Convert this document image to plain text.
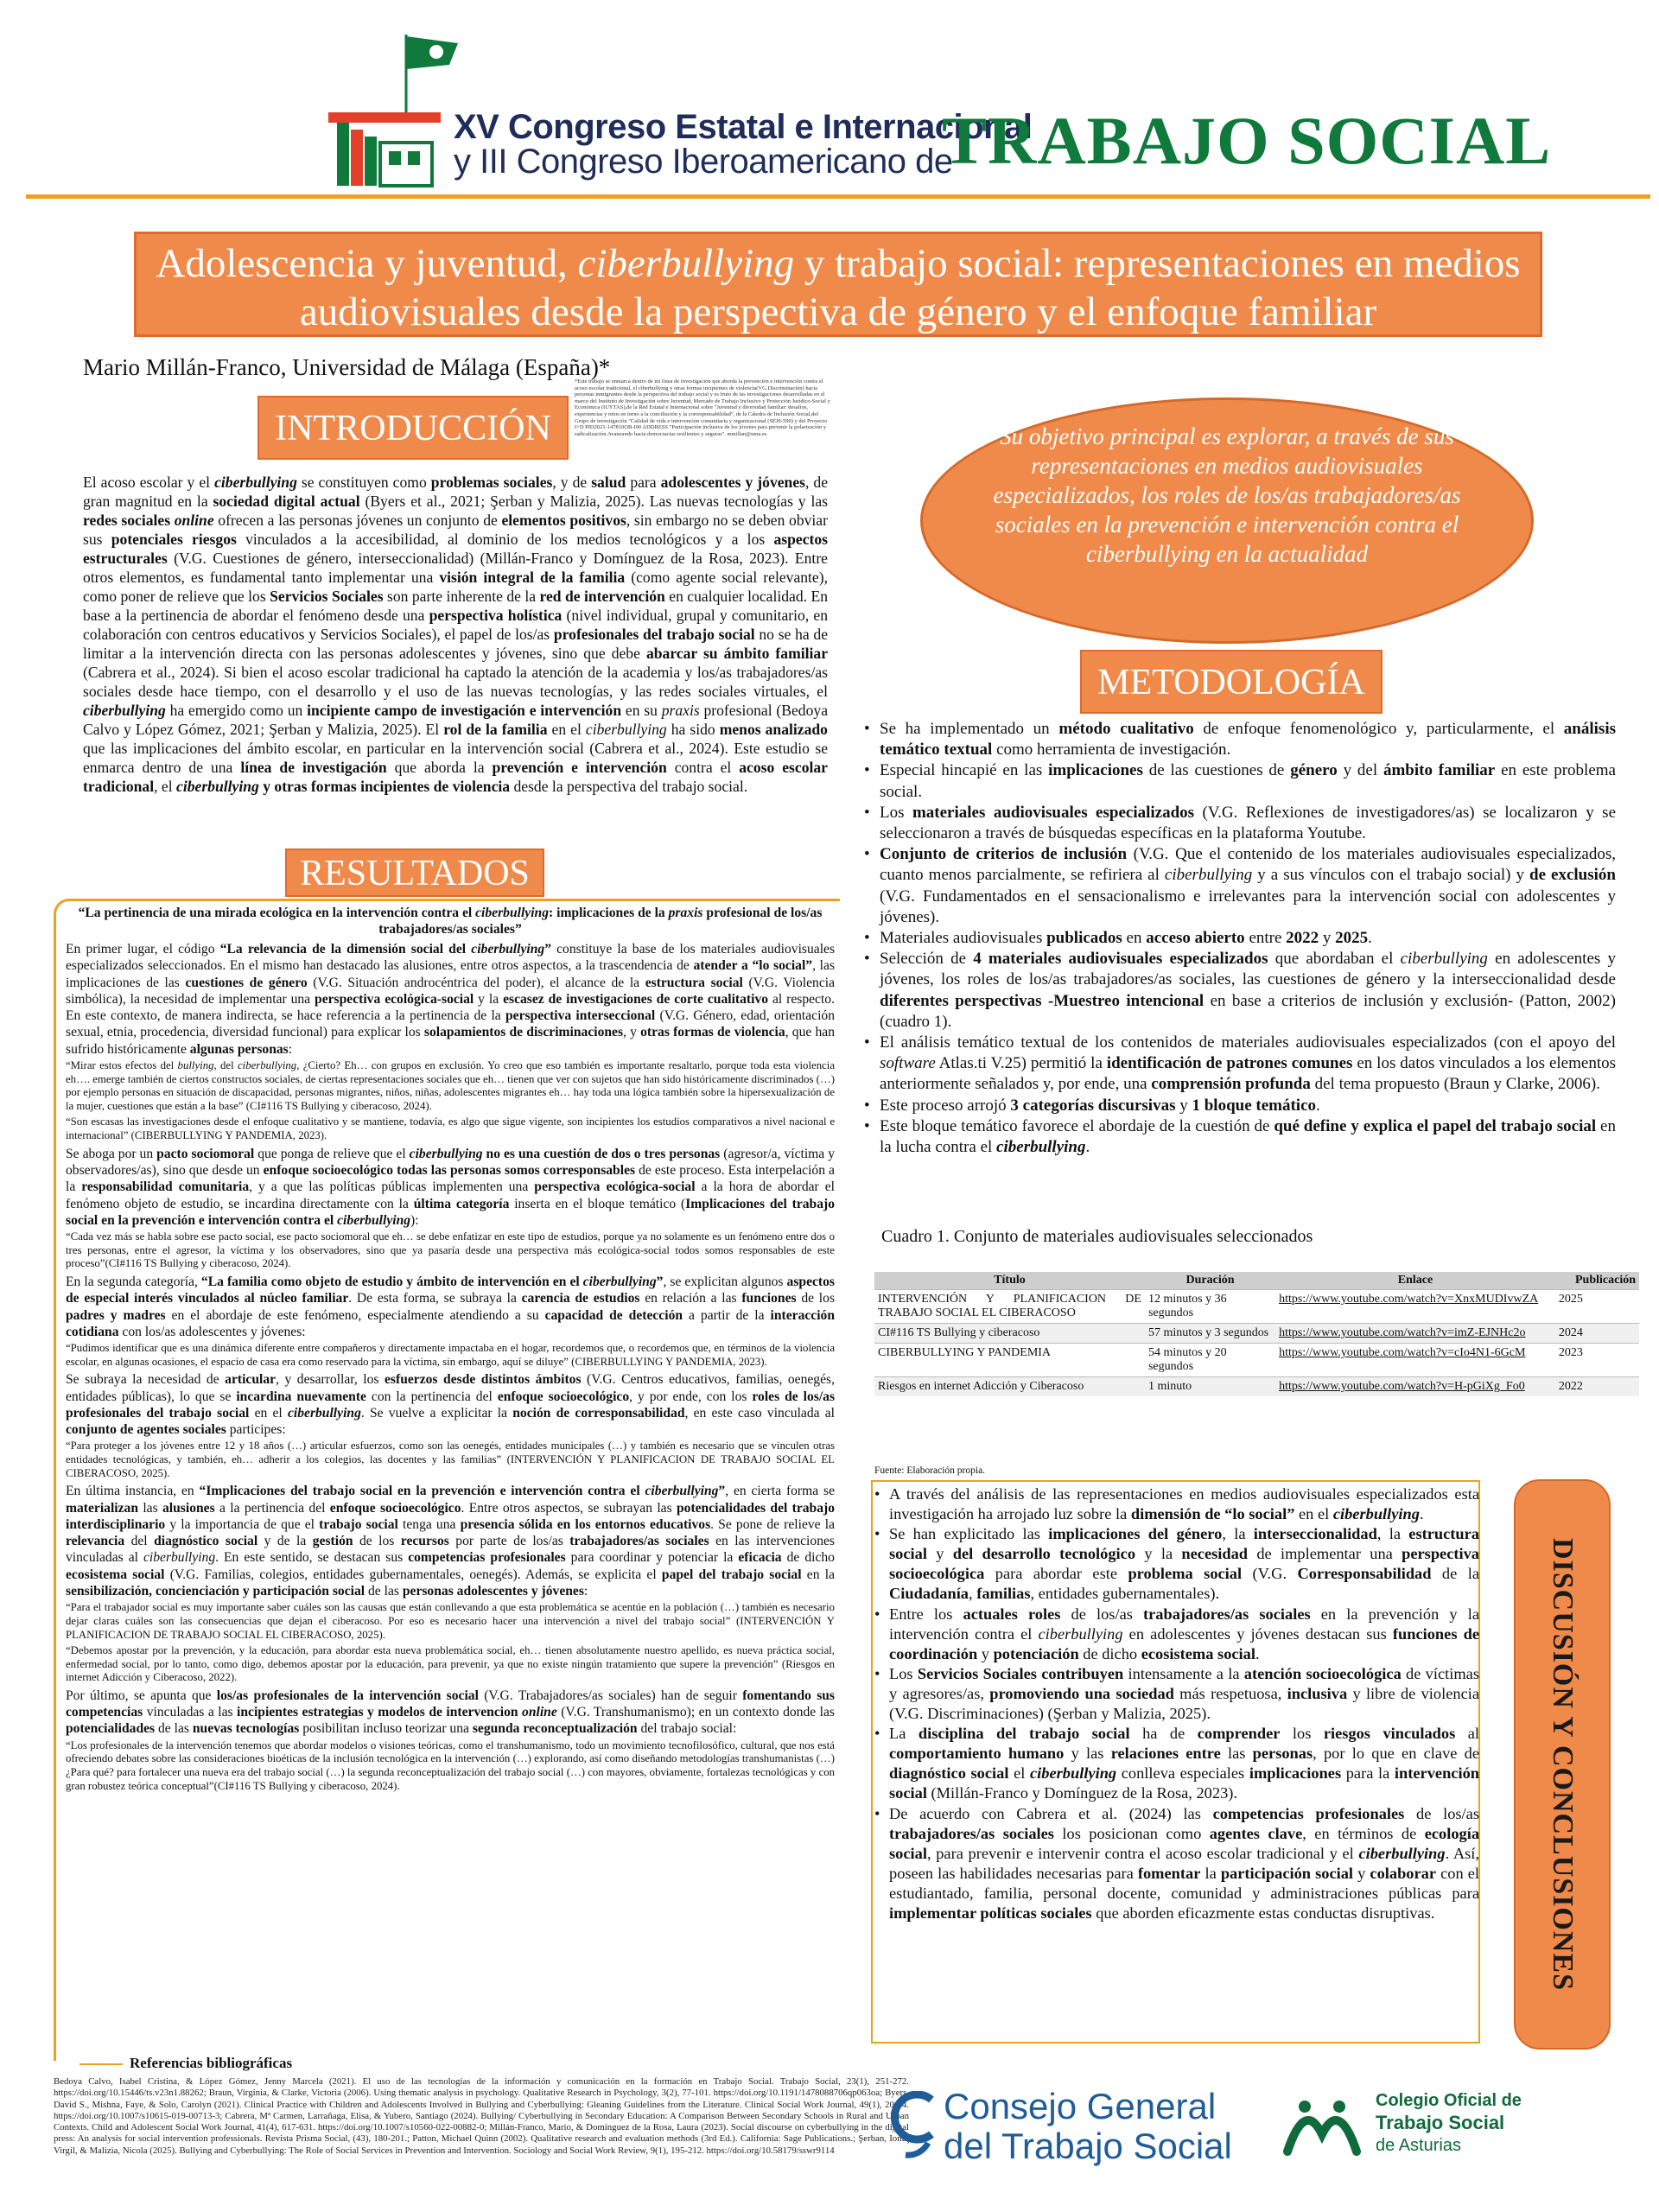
XV Congreso Estatal e Internacional
y III Congreso Iberoamericano de
TRABAJO SOCIAL
Adolescencia y juventud, ciberbullying y trabajo social: representaciones en medios audiovisuales desde la perspectiva de género y el enfoque familiar
Mario Millán-Franco, Universidad de Málaga (España)*
*Este trabajo se enmarca dentro de mi línea de investigación que aborda la prevención e intervención contra el acoso escolar tradicional, el ciberbullying y otras formas incipientes de violencia(VG.Discriminación) hacia personas inmigrantes desde la perspectiva del trabajo social y es fruto de las investigaciones desarrolladas en el marco del Instituto de Investigación sobre Juventud, Mercado de Trabajo Inclusivo y Protección Jurídico-Social y Económica (IUYTAS),de la Red Estatal e Internacional sobre "Juventud y diversidad familiar: desafíos, experiencias y retos en torno a la conciliación y la corresponsabilidad", de la Cátedra de Inclusión Social,del Grupo de investigación "Calidad de vida e intervención comunitaria y organizacional (SEJ0-590) y del Proyecto I+D PID2021-147810OB-I00 ADDRESS "Participación inclusiva de los jóvenes para prevenir la polarización y radicalización.Avanzando hacia democracias resilientes y seguras". mmillan@uma.es
INTRODUCCIÓN
El acoso escolar y el ciberbullying se constituyen como problemas sociales, y de salud para adolescentes y jóvenes, de gran magnitud en la sociedad digital actual (Byers et al., 2021; Şerban y Malizia, 2025). Las nuevas tecnologías y las redes sociales online ofrecen a las personas jóvenes un conjunto de elementos positivos, sin embargo no se deben obviar sus potenciales riesgos vinculados a la accesibilidad, al dominio de los medios tecnológicos y a los aspectos estructurales (V.G. Cuestiones de género, interseccionalidad) (Millán-Franco y Domínguez de la Rosa, 2023). Entre otros elementos, es fundamental tanto implementar una visión integral de la familia (como agente social relevante), como poner de relieve que los Servicios Sociales son parte inherente de la red de intervención en cualquier localidad. En base a la pertinencia de abordar el fenómeno desde una perspectiva holística (nivel individual, grupal y comunitario, en colaboración con centros educativos y Servicios Sociales), el papel de los/as profesionales del trabajo social no se ha de limitar a la intervención directa con las personas adolescentes y jóvenes, sino que debe abarcar su ámbito familiar (Cabrera et al., 2024). Si bien el acoso escolar tradicional ha captado la atención de la academia y los/as trabajadores/as sociales desde hace tiempo, con el desarrollo y el uso de las nuevas tecnologías, y las redes sociales virtuales, el ciberbullying ha emergido como un incipiente campo de investigación e intervención en su praxis profesional (Bedoya Calvo y López Gómez, 2021; Şerban y Malizia, 2025). El rol de la familia en el ciberbullying ha sido menos analizado que las implicaciones del ámbito escolar, en particular en la intervención social (Cabrera et al., 2024). Este estudio se enmarca dentro de una línea de investigación que aborda la prevención e intervención contra el acoso escolar tradicional, el ciberbullying y otras formas incipientes de violencia desde la perspectiva del trabajo social.
Su objetivo principal es explorar, a través de sus representaciones en medios audiovisuales especializados, los roles de los/as trabajadores/as sociales en la prevención e intervención contra el ciberbullying en la actualidad
METODOLOGÍA
• Se ha implementado un método cualitativo de enfoque fenomenológico y, particularmente, el análisis temático textual como herramienta de investigación.
• Especial hincapié en las implicaciones de las cuestiones de género y del ámbito familiar en este problema social.
• Los materiales audiovisuales especializados (V.G. Reflexiones de investigadores/as) se localizaron y se seleccionaron a través de búsquedas específicas en la plataforma Youtube.
• Conjunto de criterios de inclusión (V.G. Que el contenido de los materiales audiovisuales especializados, cuanto menos parcialmente, se refiriera al ciberbullying y a sus vínculos con el trabajo social) y de exclusión (V.G. Fundamentados en el sensacionalismo e irrelevantes para la intervención social con adolescentes y jóvenes).
• Materiales audiovisuales publicados en acceso abierto entre 2022 y 2025.
• Selección de 4 materiales audiovisuales especializados que abordaban el ciberbullying en adolescentes y jóvenes, los roles de los/as trabajadores/as sociales, las cuestiones de género y la interseccionalidad desde diferentes perspectivas -Muestreo intencional en base a criterios de inclusión y exclusión- (Patton, 2002) (cuadro 1).
• El análisis temático textual de los contenidos de materiales audiovisuales especializados (con el apoyo del software Atlas.ti V.25) permitió la identificación de patrones comunes en los datos vinculados a los elementos anteriormente señalados y, por ende, una comprensión profunda del tema propuesto (Braun y Clarke, 2006).
• Este proceso arrojó 3 categorías discursivas y 1 bloque temático.
• Este bloque temático favorece el abordaje de la cuestión de qué define y explica el papel del trabajo social en la lucha contra el ciberbullying.
Cuadro 1. Conjunto de materiales audiovisuales seleccionados
Título	Duración	Enlace	Publicación
INTERVENCIÓN Y PLANIFICACION DE TRABAJO SOCIAL EL CIBERACOSO	12 minutos y 36 segundos	https://www.youtube.com/watch?v=XnxMUDIvwZA	2025
CI#116 TS Bullying y ciberacoso	57 minutos y 3 segundos	https://www.youtube.com/watch?v=imZ-EJNHc2o	2024
CIBERBULLYING Y PANDEMIA	54 minutos y 20 segundos	https://www.youtube.com/watch?v=cIo4N1-6GcM	2023
Riesgos en internet Adicción y Ciberacoso	1 minuto	https://www.youtube.com/watch?v=H-pGiXg_Fo0	2022
Fuente: Elaboración propia.
RESULTADOS
“La pertinencia de una mirada ecológica en la intervención contra el ciberbullying: implicaciones de la praxis profesional de los/as trabajadores/as sociales”
En primer lugar, el código “La relevancia de la dimensión social del ciberbullying” constituye la base de los materiales audiovisuales especializados seleccionados. En el mismo han destacado las alusiones, entre otros aspectos, a la trascendencia de atender a “lo social”, las implicaciones de las cuestiones de género (V.G. Situación androcéntrica del poder), el alcance de la estructura social (V.G. Violencia simbólica), la necesidad de implementar una perspectiva ecológica-social y la escasez de investigaciones de corte cualitativo al respecto. En este contexto, de manera indirecta, se hace referencia a la pertinencia de la perspectiva interseccional (V.G. Género, edad, orientación sexual, etnia, procedencia, diversidad funcional) para explicar los solapamientos de discriminaciones, y otras formas de violencia, que han sufrido históricamente algunas personas:
“Mirar estos efectos del bullying, del ciberbullying, ¿Cierto? Eh… con grupos en exclusión. Yo creo que eso también es importante resaltarlo, porque toda esta violencia eh…. emerge también de ciertos constructos sociales, de ciertas representaciones sociales que eh… tienen que ver con sujetos que han sido históricamente discriminados (…) por ejemplo personas en situación de discapacidad, personas migrantes, niños, niñas, adolescentes migrantes eh… hay toda una lógica también sobre la hipersexualización de la mujer, cuestiones que están a la base” (CI#116 TS Bullying y ciberacoso, 2024).
“Son escasas las investigaciones desde el enfoque cualitativo y se mantiene, todavía, es algo que sigue vigente, son incipientes los estudios comparativos a nivel nacional e internacional” (CIBERBULLYING Y PANDEMIA, 2023).
Se aboga por un pacto sociomoral que ponga de relieve que el ciberbullying no es una cuestión de dos o tres personas (agresor/a, víctima y observadores/as), sino que desde un enfoque socioecológico todas las personas somos corresponsables de este proceso. Esta interpelación a la responsabilidad comunitaria, y a que las políticas públicas implementen una perspectiva ecológica-social a la hora de abordar el fenómeno objeto de estudio, se incardina directamente con la última categoría inserta en el bloque temático (Implicaciones del trabajo social en la prevención e intervención contra el ciberbullying):
“Cada vez más se habla sobre ese pacto social, ese pacto sociomoral que eh… se debe enfatizar en este tipo de estudios, porque ya no solamente es un fenómeno entre dos o tres personas, entre el agresor, la víctima y los observadores, sino que ya pasaría desde una perspectiva más ecológica-social todos somos responsables de este proceso”(CI#116 TS Bullying y ciberacoso, 2024).
En la segunda categoría, “La familia como objeto de estudio y ámbito de intervención en el ciberbullying”, se explicitan algunos aspectos de especial interés vinculados al núcleo familiar. De esta forma, se subraya la carencia de estudios en relación a las funciones de los padres y madres en el abordaje de este fenómeno, especialmente atendiendo a su capacidad de detección a partir de la interacción cotidiana con los/as adolescentes y jóvenes:
“Pudimos identificar que es una dinámica diferente entre compañeros y directamente impactaba en el hogar, recordemos que, o recordemos que, en términos de la violencia escolar, en algunas ocasiones, el espacio de casa era como reservado para la víctima, sin embargo, aquí se diluye” (CIBERBULLYING Y PANDEMIA, 2023).
Se subraya la necesidad de articular, y desarrollar, los esfuerzos desde distintos ámbitos (V.G. Centros educativos, familias, oenegés, entidades públicas), lo que se incardina nuevamente con la pertinencia del enfoque socioecológico, y por ende, con los roles de los/as profesionales del trabajo social en el ciberbullying. Se vuelve a explicitar la noción de corresponsabilidad, en este caso vinculada al conjunto de agentes sociales participes:
“Para proteger a los jóvenes entre 12 y 18 años (…) articular esfuerzos, como son las oenegés, entidades municipales (…) y también es necesario que se vinculen otras entidades tecnológicas, y también, eh… adherir a los colegios, las docentes y las familias” (INTERVENCIÓN Y PLANIFICACION DE TRABAJO SOCIAL EL CIBERACOSO, 2025).
En última instancia, en “Implicaciones del trabajo social en la prevención e intervención contra el ciberbullying”, en cierta forma se materializan las alusiones a la pertinencia del enfoque socioecológico. Entre otros aspectos, se subrayan las potencialidades del trabajo interdisciplinario y la importancia de que el trabajo social tenga una presencia sólida en los entornos educativos. Se pone de relieve la relevancia del diagnóstico social y de la gestión de los recursos por parte de los/as trabajadores/as sociales en las intervenciones vinculadas al ciberbullying. En este sentido, se destacan sus competencias profesionales para coordinar y potenciar la eficacia de dicho ecosistema social (V.G. Familias, colegios, entidades gubernamentales, oenegés). Además, se explicita el papel del trabajo social en la sensibilización, concienciación y participación social de las personas adolescentes y jóvenes:
“Para el trabajador social es muy importante saber cuáles son las causas que están conllevando a que esta problemática se acentúe en la población (…) también es necesario dejar claras cuáles son las consecuencias que dejan el ciberacoso. Por eso es necesario hacer una intervención a nivel del trabajo social” (INTERVENCIÓN Y PLANIFICACION DE TRABAJO SOCIAL EL CIBERACOSO, 2025).
“Debemos apostar por la prevención, y la educación, para abordar esta nueva problemática social, eh… tienen absolutamente nuestro apellido, es nueva práctica social, enfermedad social, por lo tanto, como digo, debemos apostar por la educación, para prevenir, ya que no existe ningún tratamiento que supere la prevención” (Riesgos en internet Adicción y Ciberacoso, 2022).
Por último, se apunta que los/as profesionales de la intervención social (V.G. Trabajadores/as sociales) han de seguir fomentando sus competencias vinculadas a las incipientes estrategias y modelos de intervencion online (V.G. Transhumanismo); en un contexto donde las potencialidades de las nuevas tecnologías posibilitan incluso teorizar una segunda reconceptualización del trabajo social:
“Los profesionales de la intervención tenemos que abordar modelos o visiones teóricas, como el transhumanismo, todo un movimiento tecnofilosófico, cultural, que nos está ofreciendo debates sobre las consideraciones bioéticas de la inclusión tecnológica en la intervención (…) explorando, así como diseñando metodologías transhumanistas (…) ¿Para qué? para fortalecer una nueva era del trabajo social (…) la segunda reconceptualización del trabajo social (…) con mayores, obviamente, fortalezas tecnológicas y con gran robustez teórica conceptual”(CI#116 TS Bullying y ciberacoso, 2024).
• A través del análisis de las representaciones en medios audiovisuales especializados esta investigación ha arrojado luz sobre la dimensión de “lo social” en el ciberbullying.
• Se han explicitado las implicaciones del género, la interseccionalidad, la estructura social y del desarrollo tecnológico y la necesidad de implementar una perspectiva socioecológica para abordar este problema social (V.G. Corresponsabilidad de la Ciudadanía, familias, entidades gubernamentales).
• Entre los actuales roles de los/as trabajadores/as sociales en la prevención y la intervención contra el ciberbullying en adolescentes y jóvenes destacan sus funciones de coordinación y potenciación de dicho ecosistema social.
• Los Servicios Sociales contribuyen intensamente a la atención socioecológica de víctimas y agresores/as, promoviendo una sociedad más respetuosa, inclusiva y libre de violencia (V.G. Discriminaciones) (Şerban y Malizia, 2025).
• La disciplina del trabajo social ha de comprender los riesgos vinculados al comportamiento humano y las relaciones entre las personas, por lo que en clave de diagnóstico social el ciberbullying conlleva especiales implicaciones para la intervención social (Millán-Franco y Domínguez de la Rosa, 2023).
• De acuerdo con Cabrera et al. (2024) las competencias profesionales de los/as trabajadores/as sociales los posicionan como agentes clave, en términos de ecología social, para prevenir e intervenir contra el acoso escolar tradicional y el ciberbullying. Así, poseen las habilidades necesarias para fomentar la participación social y colaborar con el estudiantado, familia, personal docente, comunidad y administraciones públicas para implementar políticas sociales que aborden eficazmente estas conductas disruptivas.	DISCUSIÓN Y CONCLUSIONES
Referencias bibliográficas
Bedoya Calvo, Isabel Cristina, & López Gómez, Jenny Marcela (2021). El uso de las tecnologías de la información y comunicación en la formación en Trabajo Social. Trabajo Social, 23(1), 251-272. https://doi.org/10.15446/ts.v23n1.88262; Braun, Virginia, & Clarke, Victoria (2006). Using thematic analysis in psychology. Qualitative Research in Psychology, 3(2), 77-101. https://doi.org/10.1191/1478088706qp063oa; Byers, David S., Mishna, Faye, & Solo, Carolyn (2021). Clinical Practice with Children and Adolescents Involved in Bullying and Cyberbullying: Gleaning Guidelines from the Literature. Clinical Social Work Journal, 49(1), 20-34. https://doi.org/10.1007/s10615-019-00713-3; Cabrera, Mª Carmen, Larrañaga, Elisa, & Yubero, Santiago (2024). Bullying/ Cyberbullying in Secondary Education: A Comparison Between Secondary Schools in Rural and Urban Contexts. Child and Adolescent Social Work Journal, 41(4), 617-631. https://doi.org/10.1007/s10560-022-00882-0; Millán-Franco, Mario, & Domínguez de la Rosa, Laura (2023). Social discourse on cyberbullying in the digital press: An analysis for social intervention professionals. Revista Prisma Social, (43), 180-201.; Patton, Michael Quinn (2002). Qualitative research and evaluation methods (3rd Ed.). California: Sage Publications.; Şerban, Ionuţ Virgil, & Malizia, Nicola (2025). Bullying and Cyberbullying: The Role of Social Services in Prevention and Intervention. Sociology and Social Work Review, 9(1), 195-212. https://doi.org/10.58179/sswr9114
Consejo General
del Trabajo Social
Colegio Oficial de
Trabajo Social
de Asturias
